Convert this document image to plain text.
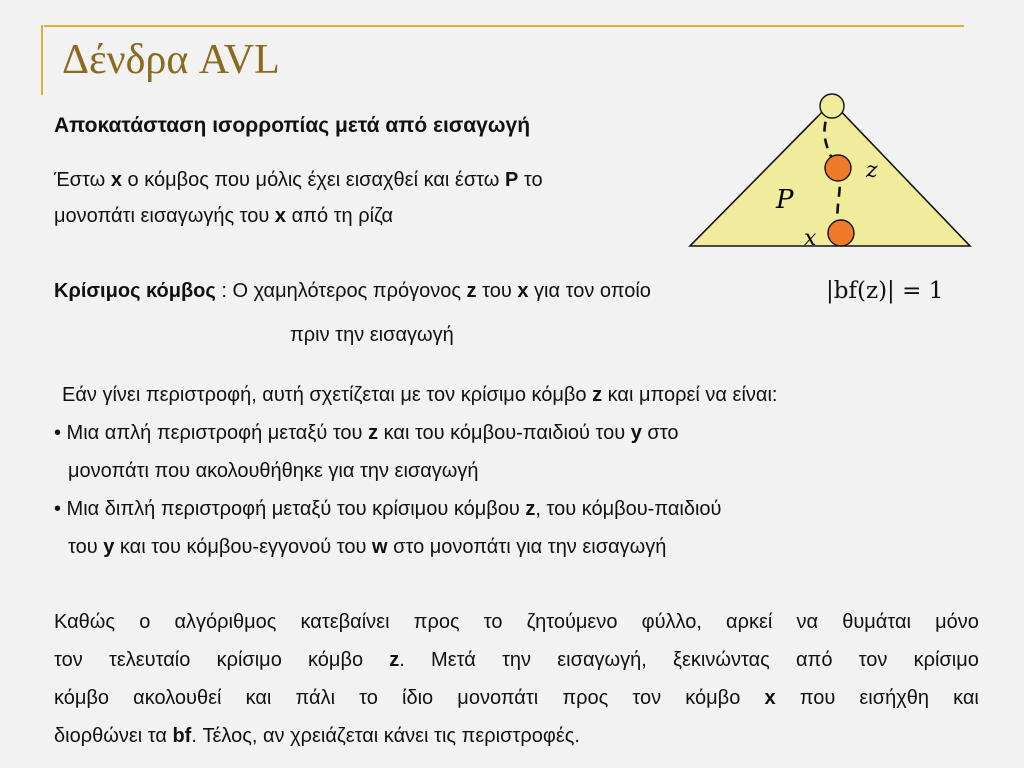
Δένδρα AVL
Αποκατάσταση ισορροπίας μετά από εισαγωγή
Έστω x ο κόμβος που μόλις έχει εισαχθεί και έστω P το
μονοπάτι εισαγωγής του x από τη ρίζα
Κρίσιμος κόμβος : Ο χαμηλότερος πρόγονος z του x για τον οποίο	|bf(z)| = 1
πριν την εισαγωγή
Εάν γίνει περιστροφή, αυτή σχετίζεται με τον κρίσιμο κόμβο z και μπορεί να είναι:
• Μια απλή περιστροφή μεταξύ του z και του κόμβου-παιδιού του y στο
μονοπάτι που ακολουθήθηκε για την εισαγωγή
• Μια διπλή περιστροφή μεταξύ του κρίσιμου κόμβου z, του κόμβου-παιδιού
του y και του κόμβου-εγγονού του w στο μονοπάτι για την εισαγωγή
Καθώς ο αλγόριθμος κατεβαίνει προς το ζητούμενο φύλλο, αρκεί να θυμάται μόνο
τον τελευταίο κρίσιμο κόμβο z. Μετά την εισαγωγή, ξεκινώντας από τον κρίσιμο
κόμβο ακολουθεί και πάλι το ίδιο μονοπάτι προς τον κόμβο x που εισήχθη και
διορθώνει τα bf. Τέλος, αν χρειάζεται κάνει τις περιστροφές.
P
z
x
